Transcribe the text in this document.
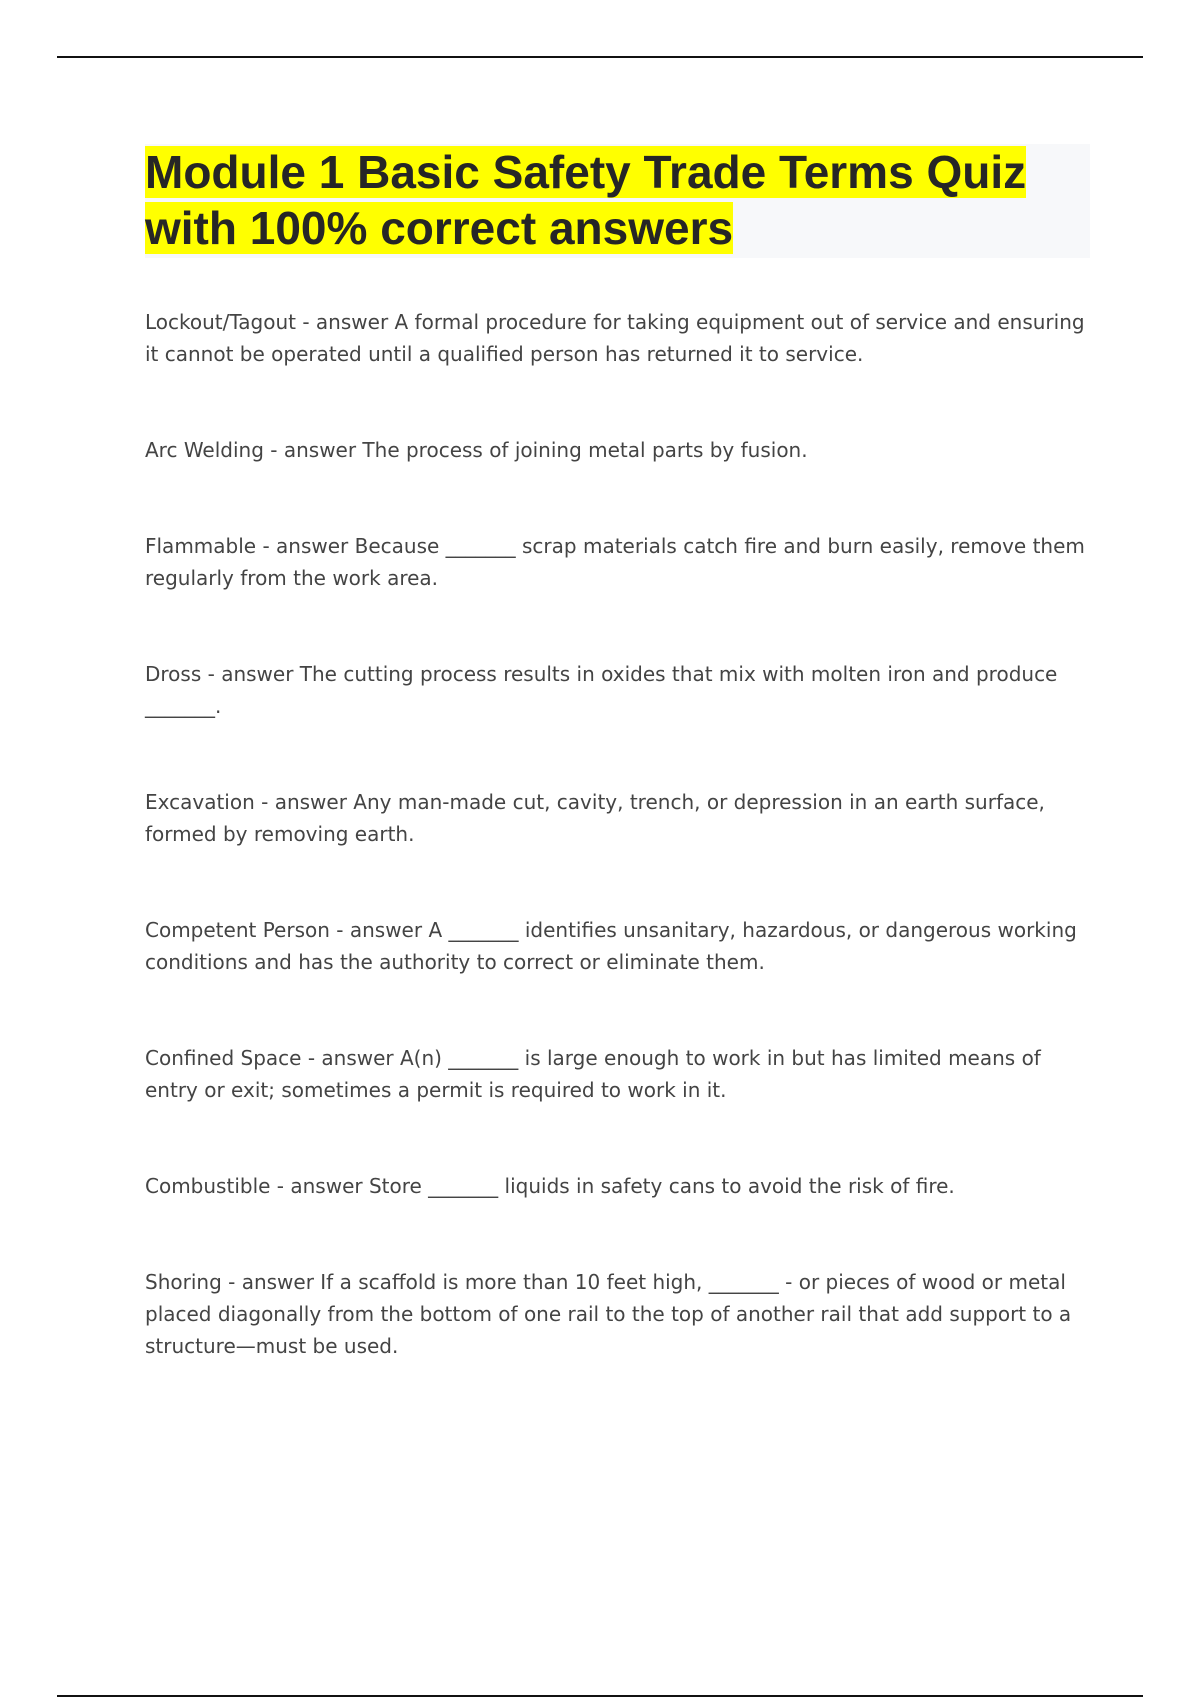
Module 1 Basic Safety Trade Terms Quiz with 100% correct answers

Lockout/Tagout - answer A formal procedure for taking equipment out of service and ensuring it cannot be operated until a qualified person has returned it to service.

Arc Welding - answer The process of joining metal parts by fusion.

Flammable - answer Because _______ scrap materials catch fire and burn easily, remove them regularly from the work area.

Dross - answer The cutting process results in oxides that mix with molten iron and produce _______.

Excavation - answer Any man-made cut, cavity, trench, or depression in an earth surface, formed by removing earth.

Competent Person - answer A _______ identifies unsanitary, hazardous, or dangerous working conditions and has the authority to correct or eliminate them.

Confined Space - answer A(n) _______ is large enough to work in but has limited means of entry or exit; sometimes a permit is required to work in it.

Combustible - answer Store _______ liquids in safety cans to avoid the risk of fire.

Shoring - answer If a scaffold is more than 10 feet high, _______ - or pieces of wood or metal placed diagonally from the bottom of one rail to the top of another rail that add support to a structure—must be used.
